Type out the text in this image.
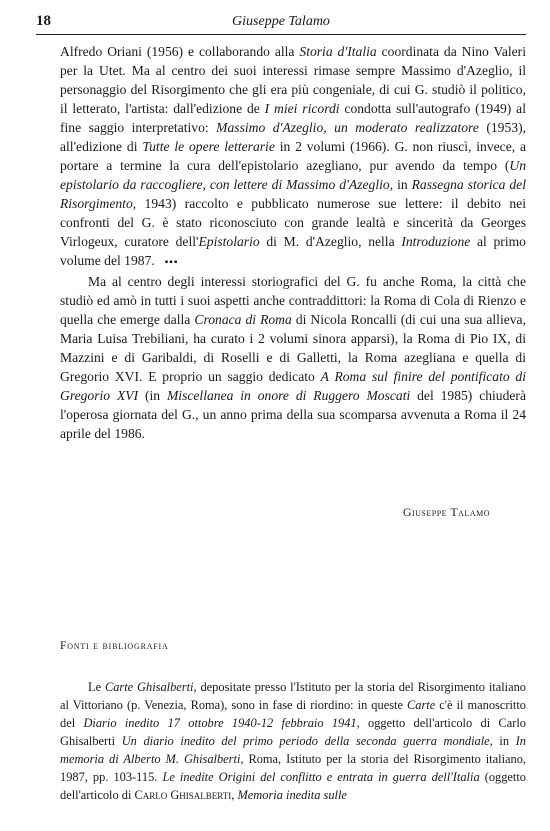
18	Giuseppe Talamo

Alfredo Oriani (1956) e collaborando alla Storia d'Italia coordinata da Nino Valeri per la Utet. Ma al centro dei suoi interessi rimase sempre Massimo d'Azeglio, il personaggio del Risorgimento che gli era più congeniale, di cui G. studiò il politico, il letterato, l'artista: dall'edizione de I miei ricordi condotta sull'autografo (1949) al fine saggio interpretativo: Massimo d'Azeglio, un moderato realizzatore (1953), all'edizione di Tutte le opere letterarie in 2 volumi (1966). G. non riuscì, invece, a portare a termine la cura dell'epistolario azegliano, pur avendo da tempo (Un epistolario da raccogliere, con lettere di Massimo d'Azeglio, in Rassegna storica del Risorgimento, 1943) raccolto e pubblicato numerose sue lettere: il debito nei confronti del G. è stato riconosciuto con grande lealtà e sincerità da Georges Virlogeux, curatore dell'Epistolario di M. d'Azeglio, nella Introduzione al primo volume del 1987. ▪▪▪

Ma al centro degli interessi storiografici del G. fu anche Roma, la città che studiò ed amò in tutti i suoi aspetti anche contraddittori: la Roma di Cola di Rienzo e quella che emerge dalla Cronaca di Roma di Nicola Roncalli (di cui una sua allieva, Maria Luisa Trebiliani, ha curato i 2 volumi sinora apparsi), la Roma di Pio IX, di Mazzini e di Garibaldi, di Roselli e di Galletti, la Roma azegliana e quella di Gregorio XVI. E proprio un saggio dedicato A Roma sul finire del pontificato di Gregorio XVI (in Miscellanea in onore di Ruggero Moscati del 1985) chiuderà l'operosa giornata del G., un anno prima della sua scomparsa avvenuta a Roma il 24 aprile del 1986.

Giuseppe Talamo
Fonti e bibliografia

Le Carte Ghisalberti, depositate presso l'Istituto per la storia del Risorgimento italiano al Vittoriano (p. Venezia, Roma), sono in fase di riordino: in queste Carte c'è il manoscritto del Diario inedito 17 ottobre 1940-12 febbraio 1941, oggetto dell'articolo di Carlo Ghisalberti Un diario inedito del primo periodo della seconda guerra mondiale, in In memoria di Alberto M. Ghisalberti, Roma, Istituto per la storia del Risorgimento italiano, 1987, pp. 103-115. Le inedite Origini del conflitto e entrata in guerra dell'Italia (oggetto dell'articolo di Carlo Ghisalberti, Memoria inedita sulle
